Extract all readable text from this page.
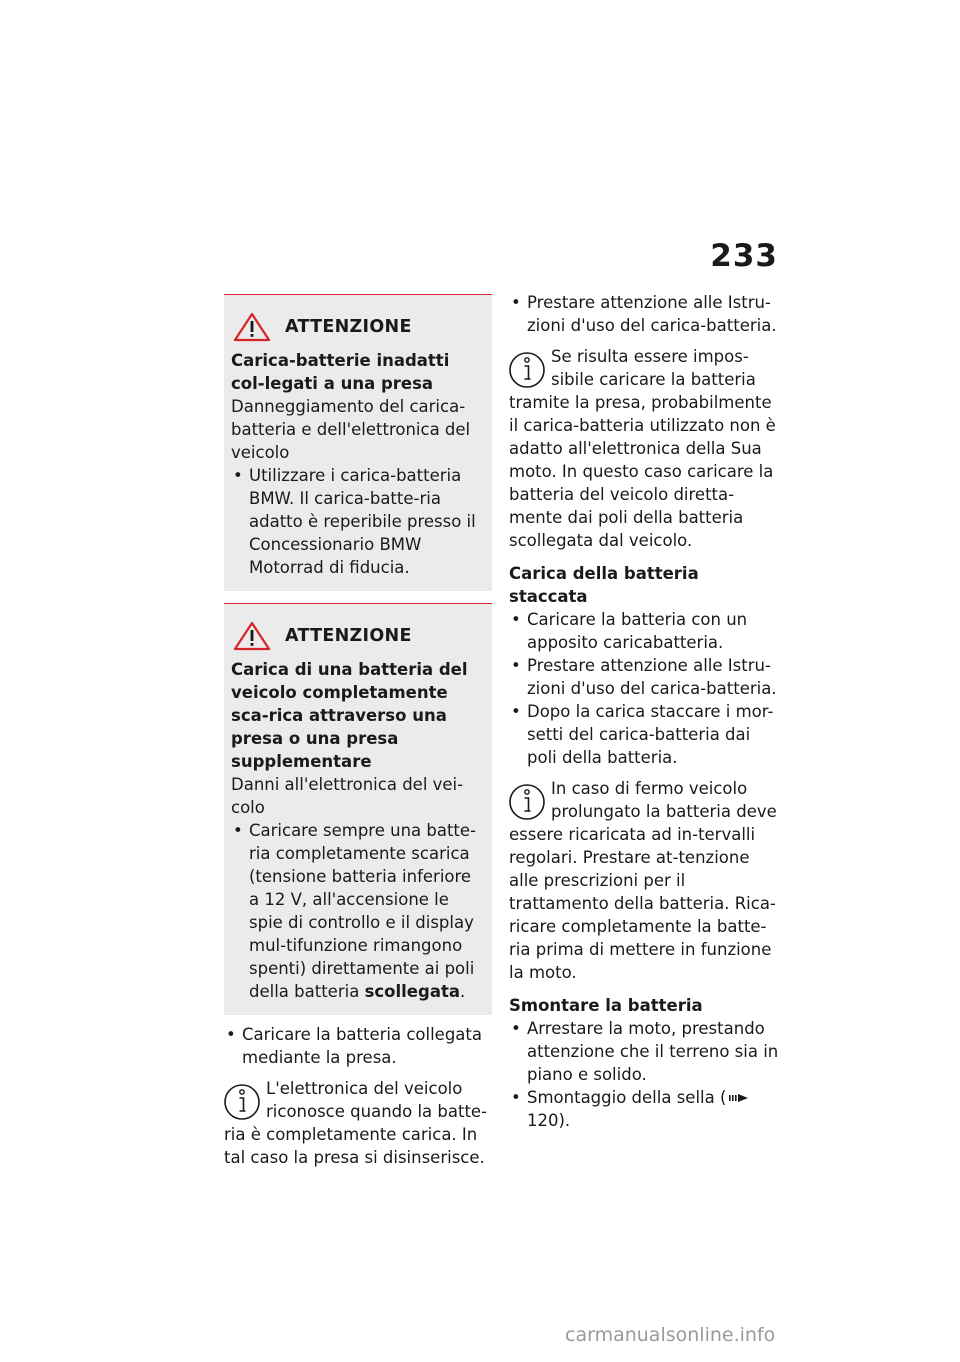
233
ATTENZIONE
Carica-batterie inadatti col-legati a una presa
Danneggiamento del carica-batteria e dell'elettronica del veicolo
• Utilizzare i carica-batteria BMW. Il carica-batte-ria adatto è reperibile presso il Concessionario BMW Motorrad di fiducia.
ATTENZIONE
Carica di una batteria del veicolo completamente sca-rica attraverso una presa o una presa supplementare
Danni all'elettronica del vei-colo
• Caricare sempre una batte-ria completamente scarica (tensione batteria inferiore a 12 V, all'accensione le spie di controllo e il display mul-tifunzione rimangono spenti) direttamente ai poli della batteria scollegata.
• Caricare la batteria collegata mediante la presa.
L'elettronica del veicolo riconosce quando la batte-ria è completamente carica. In tal caso la presa si disinserisce.
• Prestare attenzione alle Istru-zioni d'uso del carica-batteria.
Se risulta essere impos-sibile caricare la batteria tramite la presa, probabilmente il carica-batteria utilizzato non è adatto all'elettronica della Sua moto. In questo caso caricare la batteria del veicolo diretta-mente dai poli della batteria scollegata dal veicolo.
Carica della batteria staccata
• Caricare la batteria con un apposito caricabatteria.
• Prestare attenzione alle Istru-zioni d'uso del carica-batteria.
• Dopo la carica staccare i mor-setti del carica-batteria dai poli della batteria.
In caso di fermo veicolo prolungato la batteria deve essere ricaricata ad in-tervalli regolari. Prestare at-tenzione alle prescrizioni per il trattamento della batteria. Rica-ricare completamente la batte-ria prima di mettere in funzione la moto.
Smontare la batteria
• Arrestare la moto, prestando attenzione che il terreno sia in piano e solido.
• Smontaggio della sella (120).
carmanualsonline.info
